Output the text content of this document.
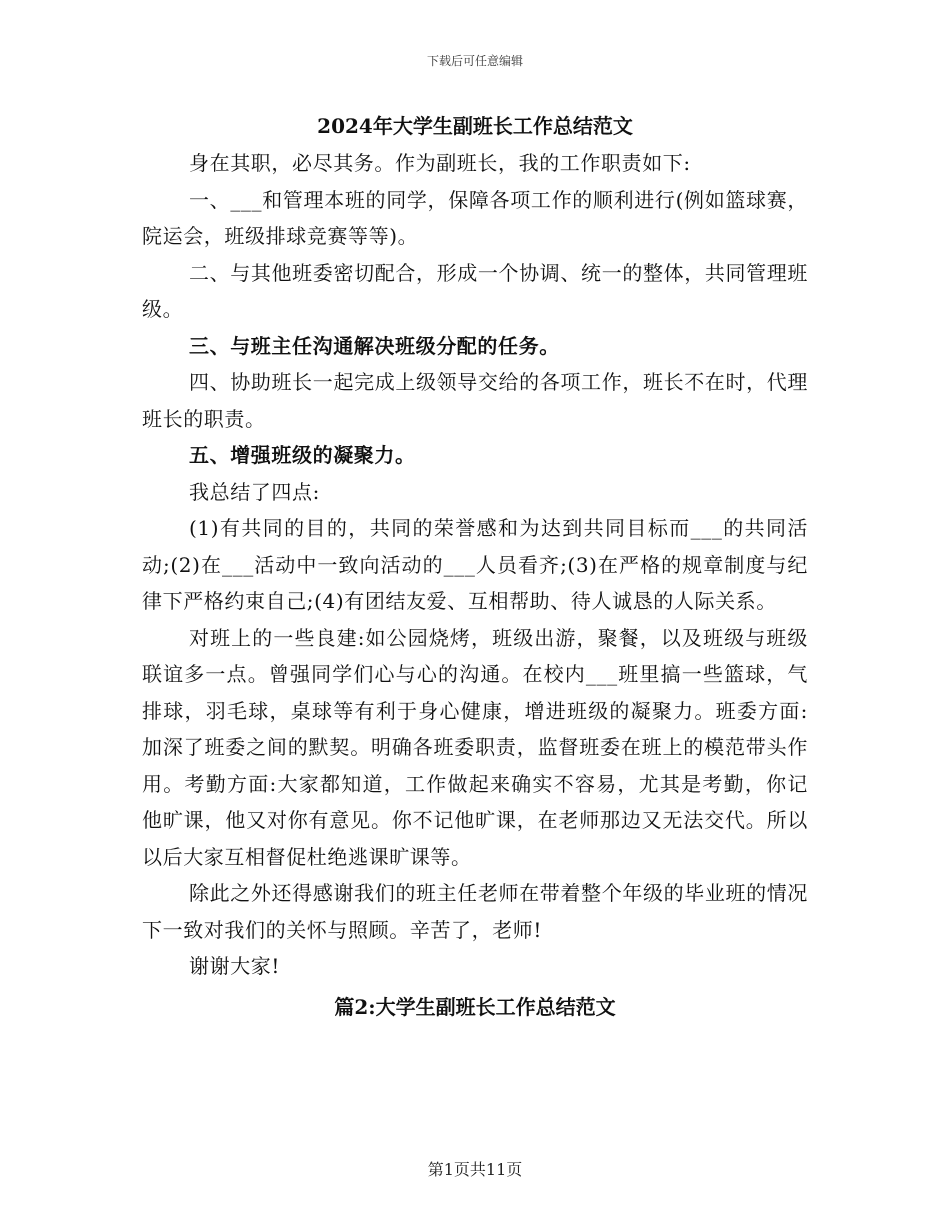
下载后可任意编辑
2024年大学生副班长工作总结范文

身在其职，必尽其务。作为副班长，我的工作职责如下:

一、___和管理本班的同学，保障各项工作的顺利进行(例如篮球赛，院运会，班级排球竞赛等等)。

二、与其他班委密切配合，形成一个协调、统一的整体，共同管理班级。

三、与班主任沟通解决班级分配的任务。

四、协助班长一起完成上级领导交给的各项工作，班长不在时，代理班长的职责。

五、增强班级的凝聚力。

我总结了四点:

(1)有共同的目的，共同的荣誉感和为达到共同目标而___的共同活动;(2)在___活动中一致向活动的___人员看齐;(3)在严格的规章制度与纪律下严格约束自己;(4)有团结友爱、互相帮助、待人诚恳的人际关系。

对班上的一些良建:如公园烧烤，班级出游，聚餐，以及班级与班级联谊多一点。曾强同学们心与心的沟通。在校内___班里搞一些篮球，气排球，羽毛球，桌球等有利于身心健康，增进班级的凝聚力。班委方面:加深了班委之间的默契。明确各班委职责，监督班委在班上的模范带头作用。考勤方面:大家都知道，工作做起来确实不容易，尤其是考勤，你记他旷课，他又对你有意见。你不记他旷课，在老师那边又无法交代。所以以后大家互相督促杜绝逃课旷课等。

除此之外还得感谢我们的班主任老师在带着整个年级的毕业班的情况下一致对我们的关怀与照顾。辛苦了，老师!

谢谢大家!

篇2:大学生副班长工作总结范文
第1页共11页
